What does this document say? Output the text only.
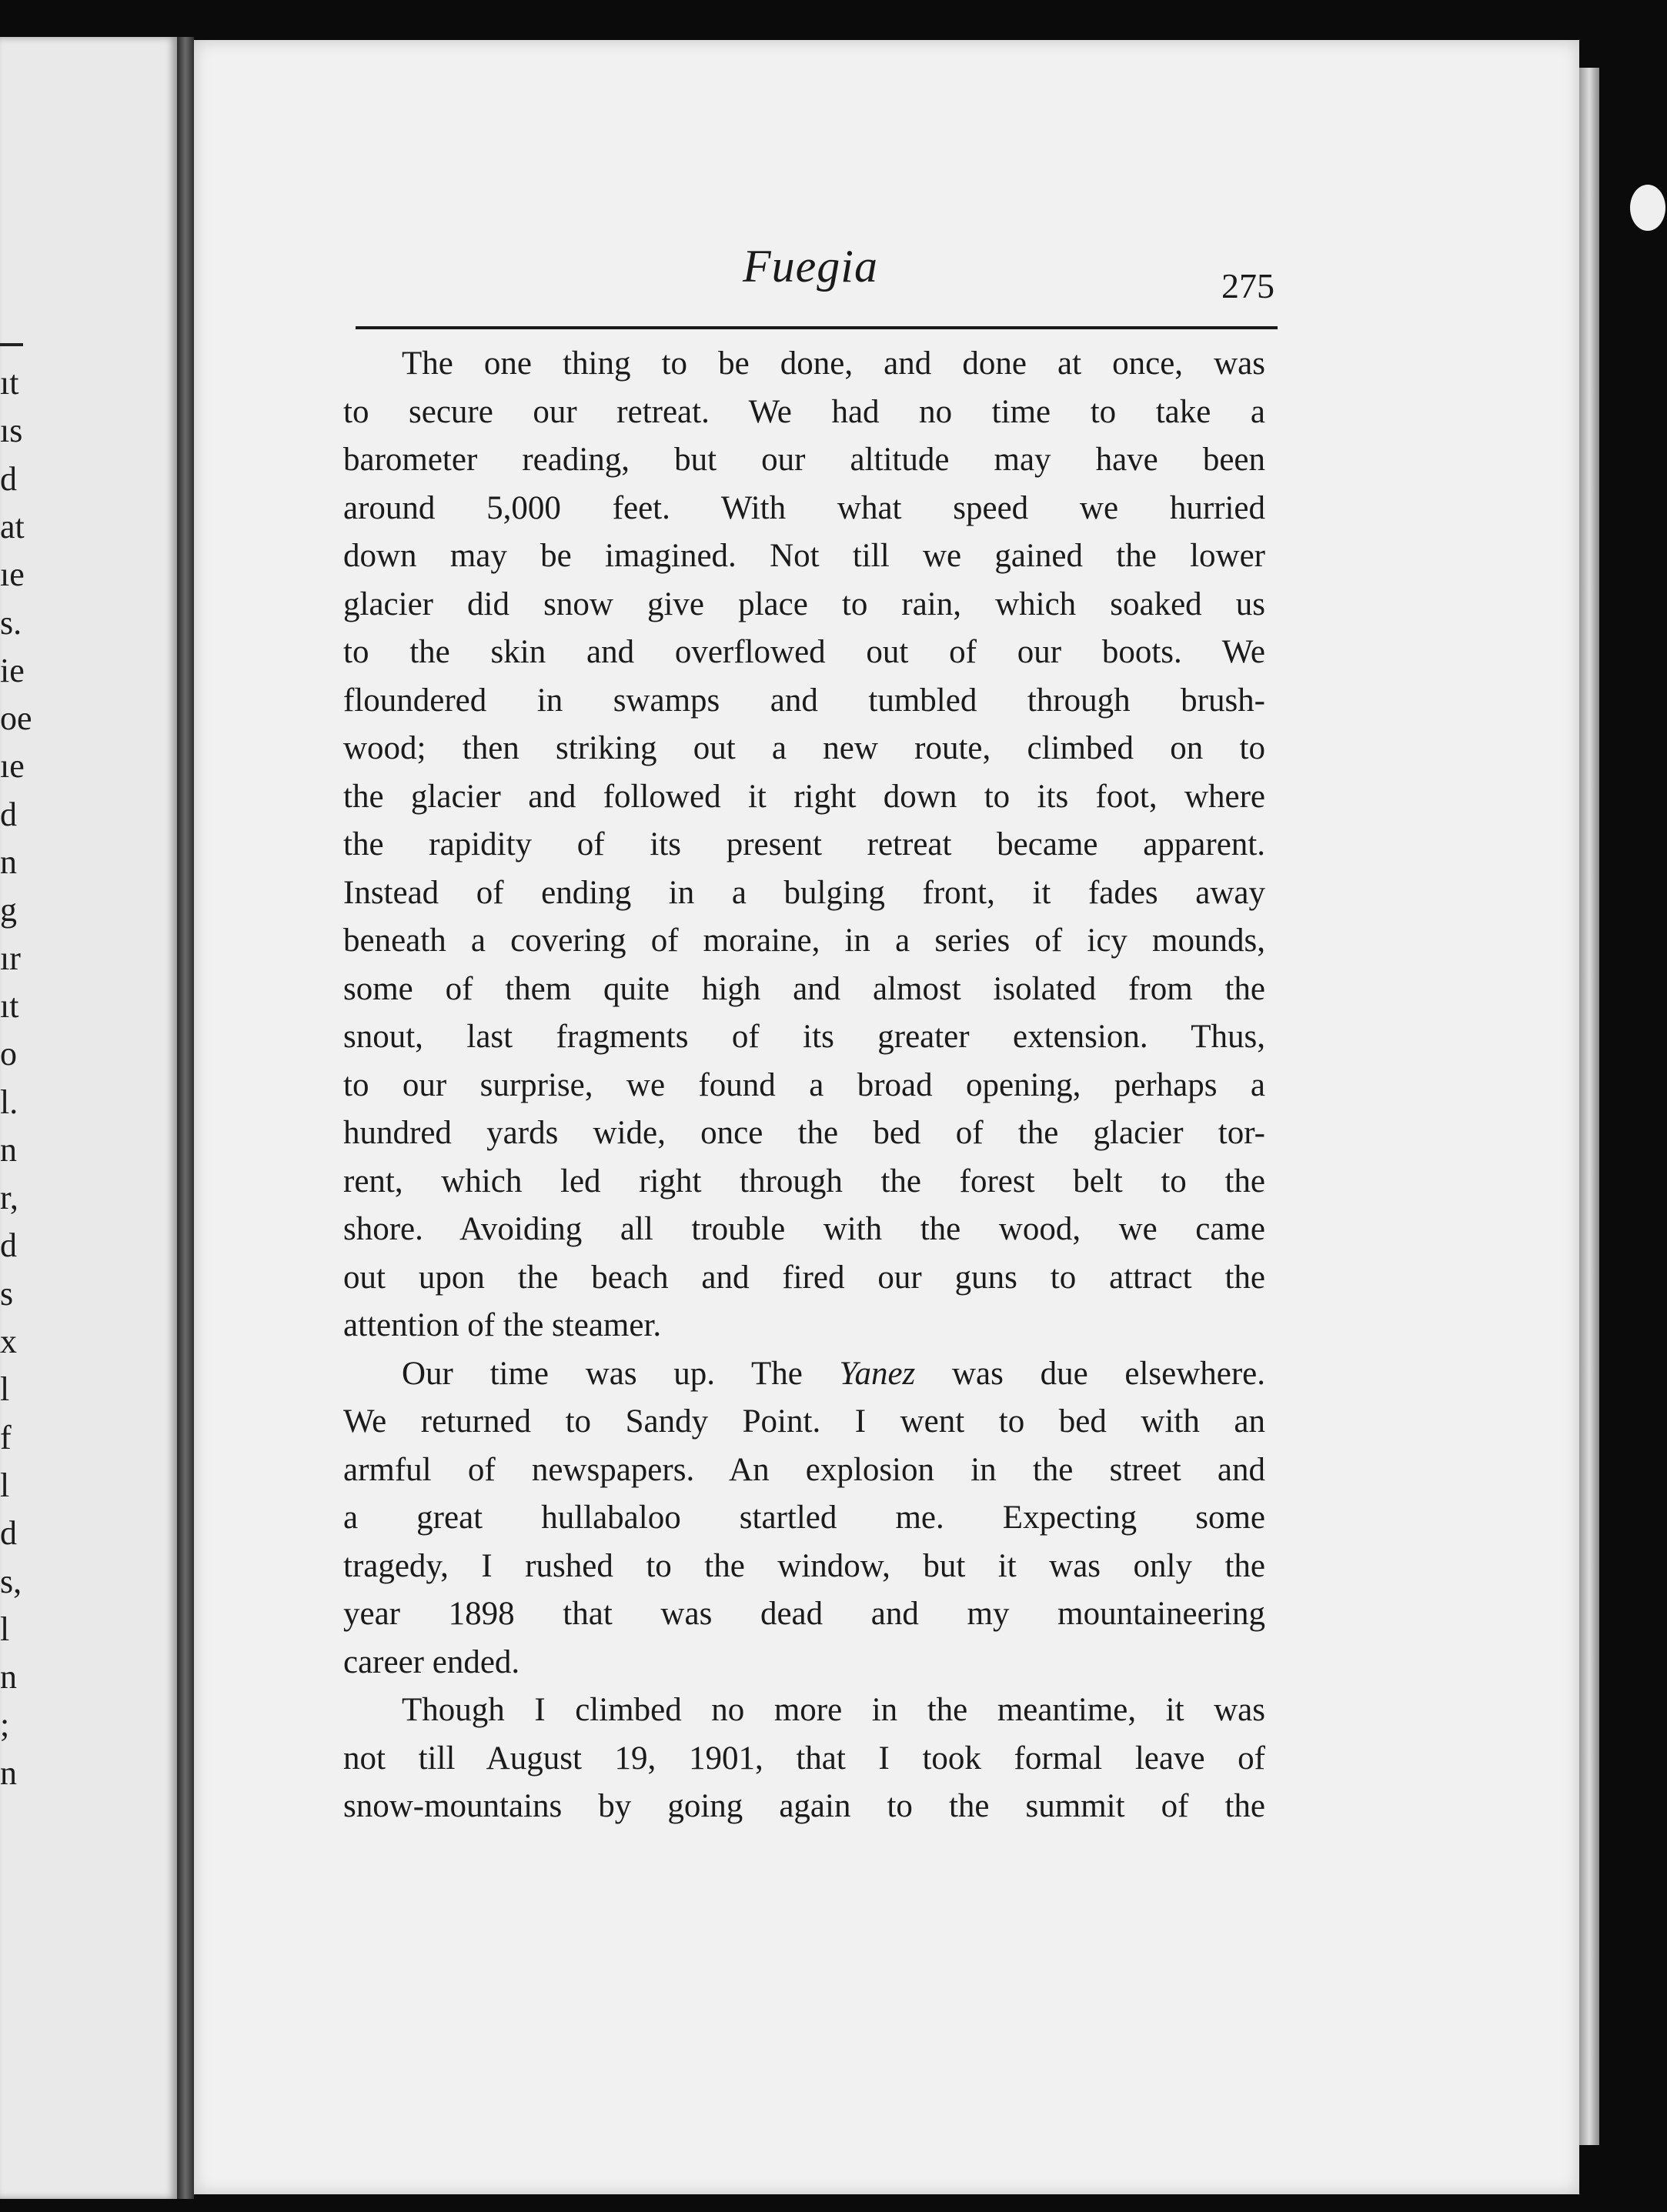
ıt
ıs
d
at
ıe
s.
ie
oe
ıe
d
n
g
ır
ıt
o
l.
n
r,
d
s
x
l
f
l
d
s,
l
n
;
n
Fuegia	275
The one thing to be done, and done at once, was
to secure our retreat. We had no time to take a
barometer reading, but our altitude may have been
around 5,000 feet. With what speed we hurried
down may be imagined. Not till we gained the lower
glacier did snow give place to rain, which soaked us
to the skin and overflowed out of our boots. We
floundered in swamps and tumbled through brush-
wood; then striking out a new route, climbed on to
the glacier and followed it right down to its foot, where
the rapidity of its present retreat became apparent.
Instead of ending in a bulging front, it fades away
beneath a covering of moraine, in a series of icy mounds,
some of them quite high and almost isolated from the
snout, last fragments of its greater extension. Thus,
to our surprise, we found a broad opening, perhaps a
hundred yards wide, once the bed of the glacier tor-
rent, which led right through the forest belt to the
shore. Avoiding all trouble with the wood, we came
out upon the beach and fired our guns to attract the
attention of the steamer.
Our time was up. The Yanez was due elsewhere.
We returned to Sandy Point. I went to bed with an
armful of newspapers. An explosion in the street and
a great hullabaloo startled me. Expecting some
tragedy, I rushed to the window, but it was only the
year 1898 that was dead and my mountaineering
career ended.
Though I climbed no more in the meantime, it was
not till August 19, 1901, that I took formal leave of
snow-mountains by going again to the summit of the
